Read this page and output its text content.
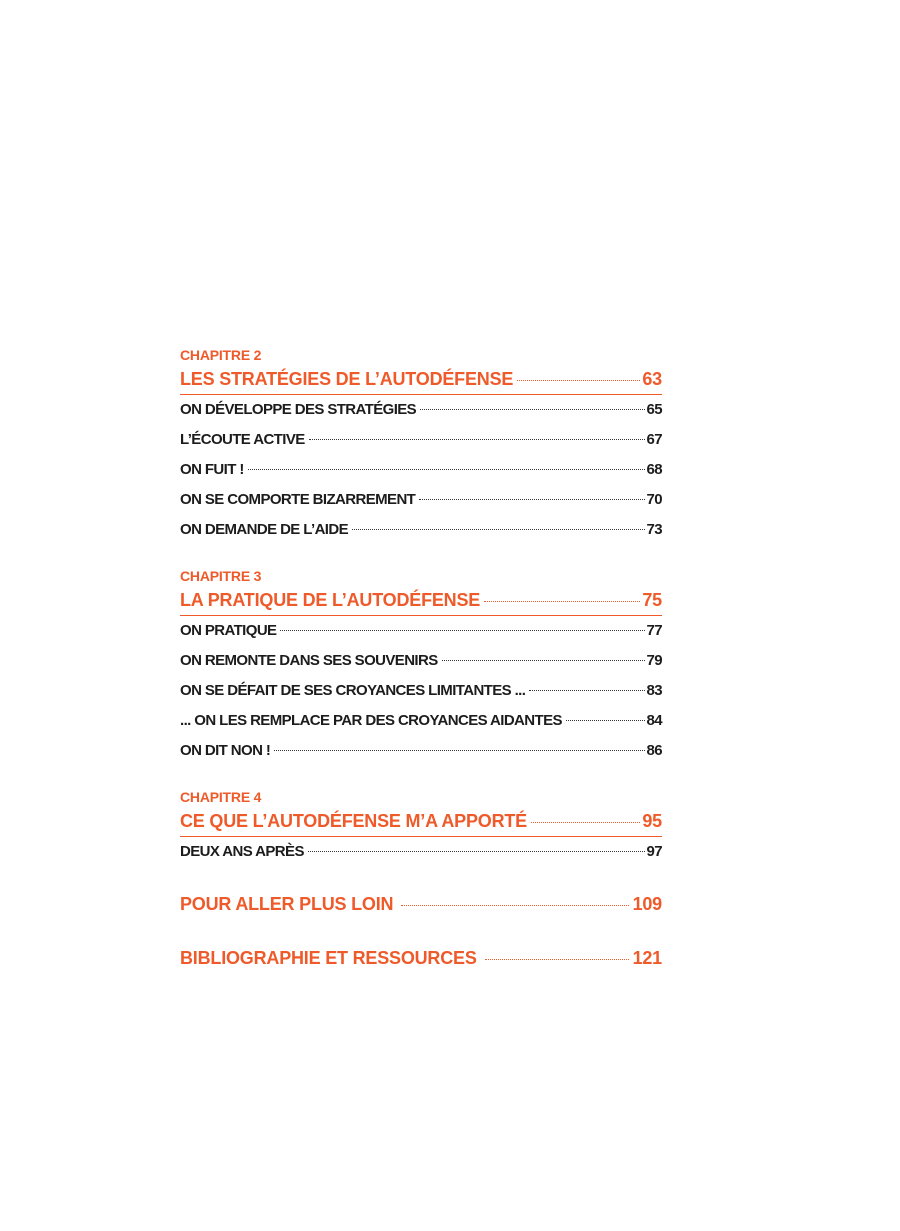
CHAPITRE 2
LES STRATÉGIES DE L’AUTODÉFENSE	63
ON DÉVELOPPE DES STRATÉGIES	65
L’ÉCOUTE ACTIVE	67
ON FUIT !	68
ON SE COMPORTE BIZARREMENT	70
ON DEMANDE DE L’AIDE	73
CHAPITRE 3
LA PRATIQUE DE L’AUTODÉFENSE	75
ON PRATIQUE	77
ON REMONTE DANS SES SOUVENIRS	79
ON SE DÉFAIT DE SES CROYANCES LIMITANTES ...	83
... ON LES REMPLACE PAR DES CROYANCES AIDANTES	84
ON DIT NON !	86
CHAPITRE 4
CE QUE L’AUTODÉFENSE M’A APPORTÉ	95
DEUX ANS APRÈS	97
POUR ALLER PLUS LOIN	109
BIBLIOGRAPHIE ET RESSOURCES	121
